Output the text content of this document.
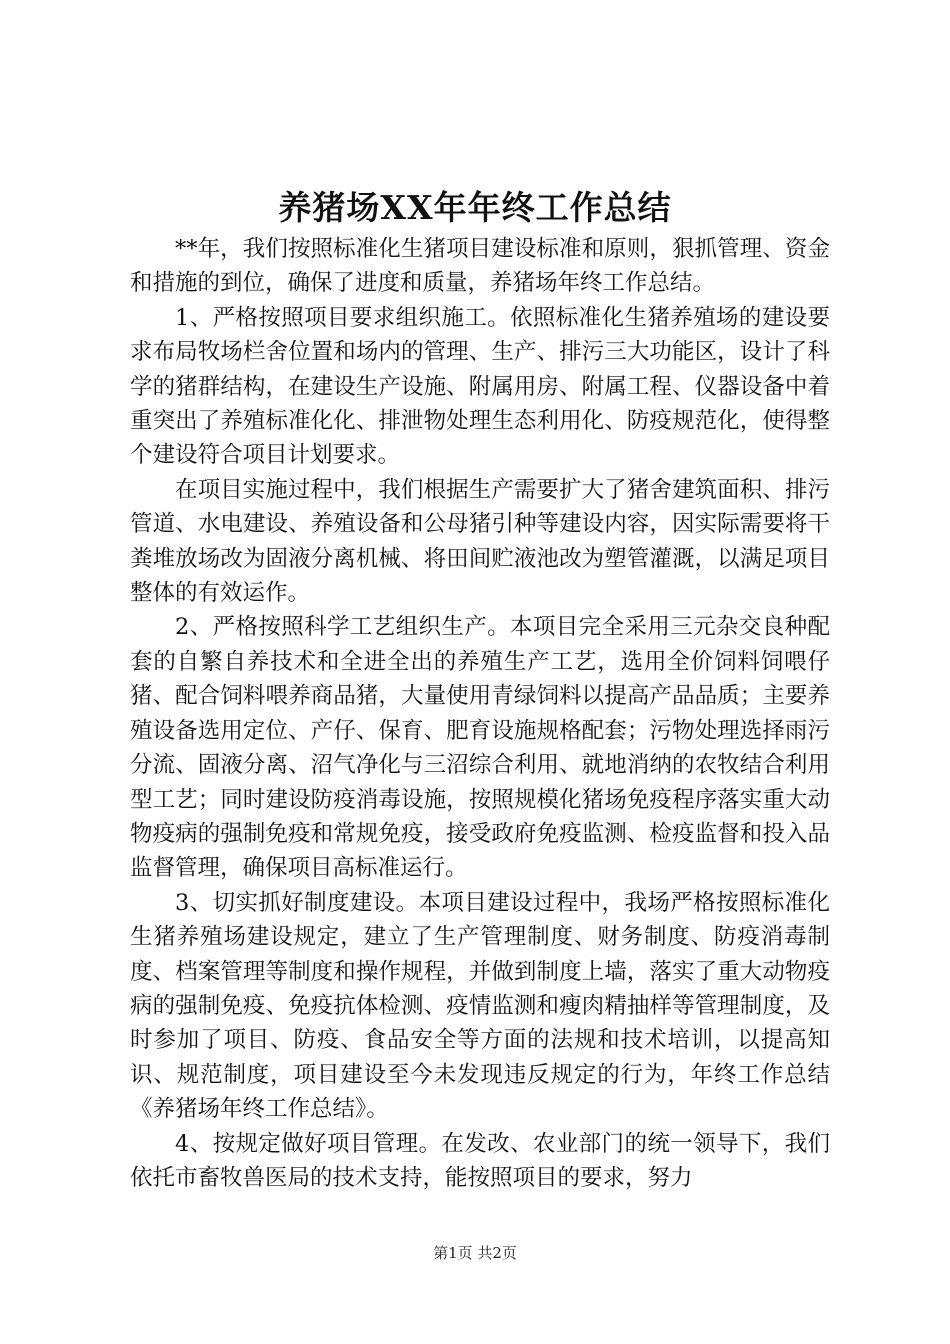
养猪场XX年年终工作总结

**年，我们按照标准化生猪项目建设标准和原则，狠抓管理、资金和措施的到位，确保了进度和质量，养猪场年终工作总结。

1、严格按照项目要求组织施工。依照标准化生猪养殖场的建设要求布局牧场栏舍位置和场内的管理、生产、排污三大功能区，设计了科学的猪群结构，在建设生产设施、附属用房、附属工程、仪器设备中着重突出了养殖标准化化、排泄物处理生态利用化、防疫规范化，使得整个建设符合项目计划要求。

在项目实施过程中，我们根据生产需要扩大了猪舍建筑面积、排污管道、水电建设、养殖设备和公母猪引种等建设内容，因实际需要将干粪堆放场改为固液分离机械、将田间贮液池改为塑管灌溉，以满足项目整体的有效运作。

2、严格按照科学工艺组织生产。本项目完全采用三元杂交良种配套的自繁自养技术和全进全出的养殖生产工艺，选用全价饲料饲喂仔猪、配合饲料喂养商品猪，大量使用青绿饲料以提高产品品质；主要养殖设备选用定位、产仔、保育、肥育设施规格配套；污物处理选择雨污分流、固液分离、沼气净化与三沼综合利用、就地消纳的农牧结合利用型工艺；同时建设防疫消毒设施，按照规模化猪场免疫程序落实重大动物疫病的强制免疫和常规免疫，接受政府免疫监测、检疫监督和投入品监督管理，确保项目高标准运行。

3、切实抓好制度建设。本项目建设过程中，我场严格按照标准化生猪养殖场建设规定，建立了生产管理制度、财务制度、防疫消毒制度、档案管理等制度和操作规程，并做到制度上墙，落实了重大动物疫病的强制免疫、免疫抗体检测、疫情监测和瘦肉精抽样等管理制度，及时参加了项目、防疫、食品安全等方面的法规和技术培训，以提高知识、规范制度，项目建设至今未发现违反规定的行为，年终工作总结《养猪场年终工作总结》。

4、按规定做好项目管理。在发改、农业部门的统一领导下，我们依托市畜牧兽医局的技术支持，能按照项目的要求，努力

第1页 共2页
